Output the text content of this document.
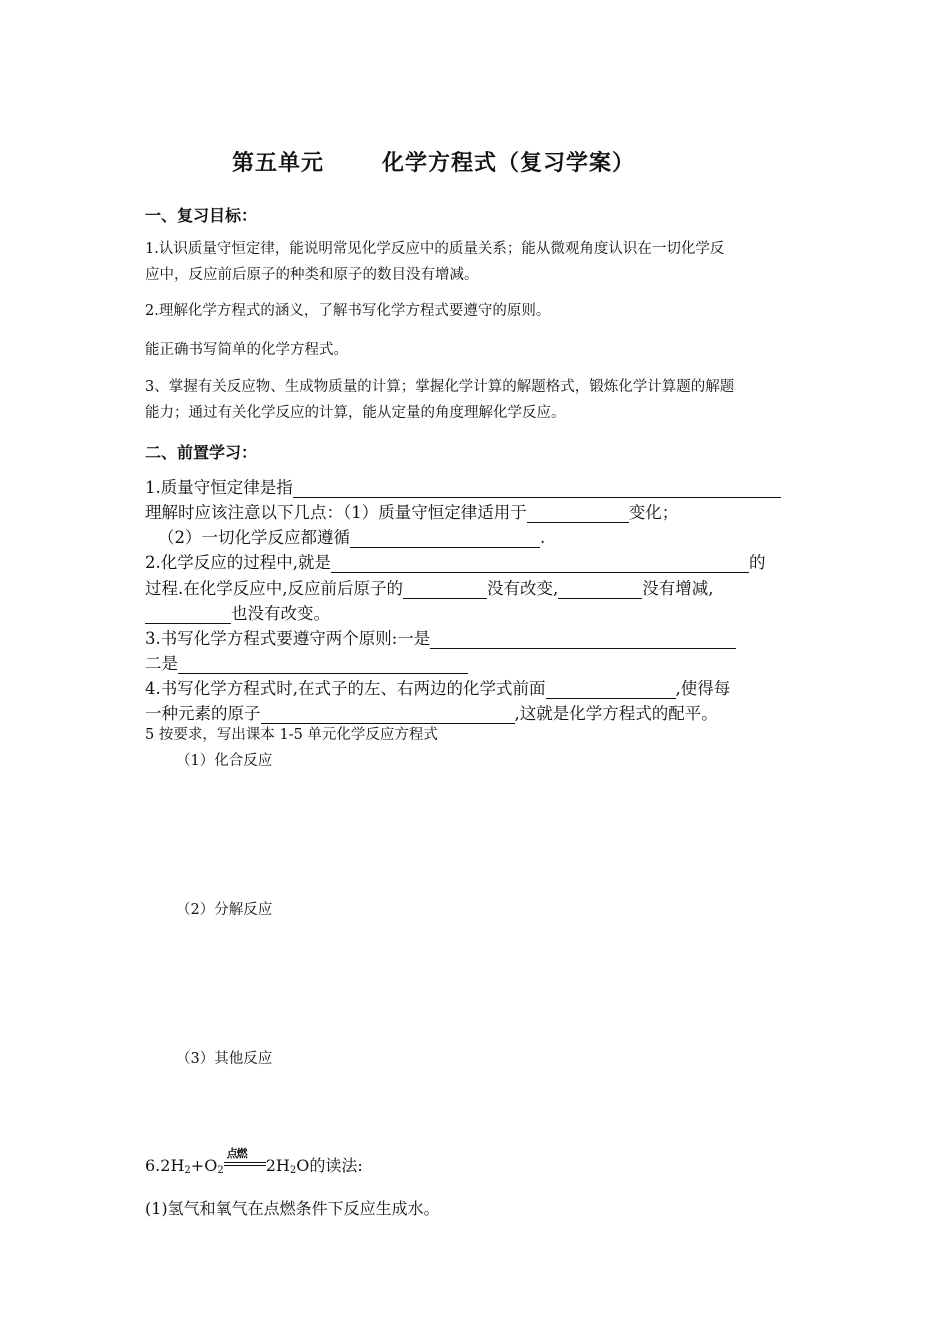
第五单元	化学方程式（复习学案）
一、复习目标：
1.认识质量守恒定律，能说明常见化学反应中的质量关系；能从微观角度认识在一切化学反
应中，反应前后原子的种类和原子的数目没有增减。
2.理解化学方程式的涵义，了解书写化学方程式要遵守的原则。
能正确书写简单的化学方程式。
3、掌握有关反应物、生成物质量的计算；掌握化学计算的解题格式，锻炼化学计算题的解题
能力；通过有关化学反应的计算，能从定量的角度理解化学反应。
二、前置学习：
1.质量守恒定律是指
理解时应该注意以下几点：（1）质量守恒定律适用于	变化；
（2）一切化学反应都遵循	.
2.化学反应的过程中,就是	的
过程.在化学反应中,反应前后原子的	没有改变,	没有增减,
也没有改变。
3.书写化学方程式要遵守两个原则:一是
二是
4.书写化学方程式时,在式子的左、右两边的化学式前面	,使得每
一种元素的原子	,这就是化学方程式的配平。
5 按要求，写出课本 1-5 单元化学反应方程式
（1）化合反应
（2）分解反应
（3）其他反应
$6.2H_2+O_2$
点燃
$2H_2O$的读法:
(1)氢气和氧气在点燃条件下反应生成水。
